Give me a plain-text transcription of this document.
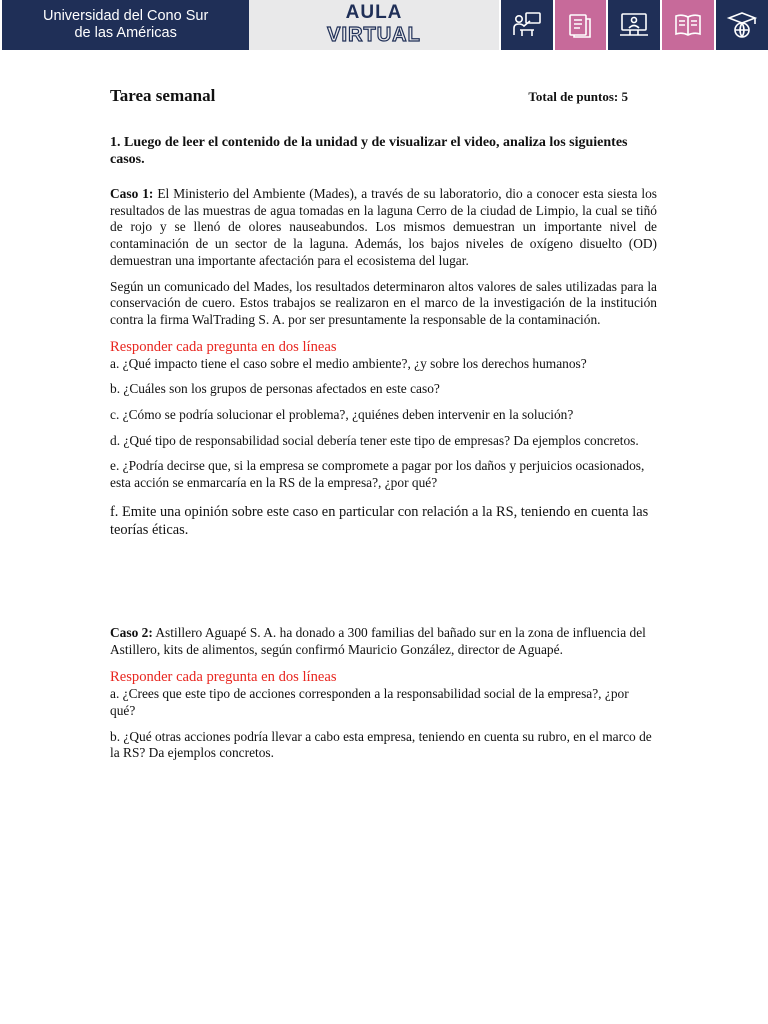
Universidad del Cono Sur
de las Américas
AULA
VIRTUAL
Tarea semanal	Total de puntos: 5
1. Luego de leer el contenido de la unidad y de visualizar el video, analiza los siguientes casos.

Caso 1: El Ministerio del Ambiente (Mades), a través de su laboratorio, dio a conocer esta siesta los resultados de las muestras de agua tomadas en la laguna Cerro de la ciudad de Limpio, la cual se tiñó de rojo y se llenó de olores nauseabundos. Los mismos demuestran un importante nivel de contaminación de un sector de la laguna. Además, los bajos niveles de oxígeno disuelto (OD) demuestran una importante afectación para el ecosistema del lugar.

Según un comunicado del Mades, los resultados determinaron altos valores de sales utilizadas para la conservación de cuero. Estos trabajos se realizaron en el marco de la investigación de la institución contra la firma WalTrading S. A. por ser presuntamente la responsable de la contaminación.

Responder cada pregunta en dos líneas

a. ¿Qué impacto tiene el caso sobre el medio ambiente?, ¿y sobre los derechos humanos?

b. ¿Cuáles son los grupos de personas afectados en este caso?

c. ¿Cómo se podría solucionar el problema?, ¿quiénes deben intervenir en la solución?

d. ¿Qué tipo de responsabilidad social debería tener este tipo de empresas? Da ejemplos concretos.

e. ¿Podría decirse que, si la empresa se compromete a pagar por los daños y perjuicios ocasionados, esta acción se enmarcaría en la RS de la empresa?, ¿por qué?

f. Emite una opinión sobre este caso en particular con relación a la RS, teniendo en cuenta las teorías éticas.

Caso 2: Astillero Aguapé S. A. ha donado a 300 familias del bañado sur en la zona de influencia del Astillero, kits de alimentos, según confirmó Mauricio González, director de Aguapé.

Responder cada pregunta en dos líneas

a. ¿Crees que este tipo de acciones corresponden a la responsabilidad social de la empresa?, ¿por qué?

b. ¿Qué otras acciones podría llevar a cabo esta empresa, teniendo en cuenta su rubro, en el marco de la RS? Da ejemplos concretos.
